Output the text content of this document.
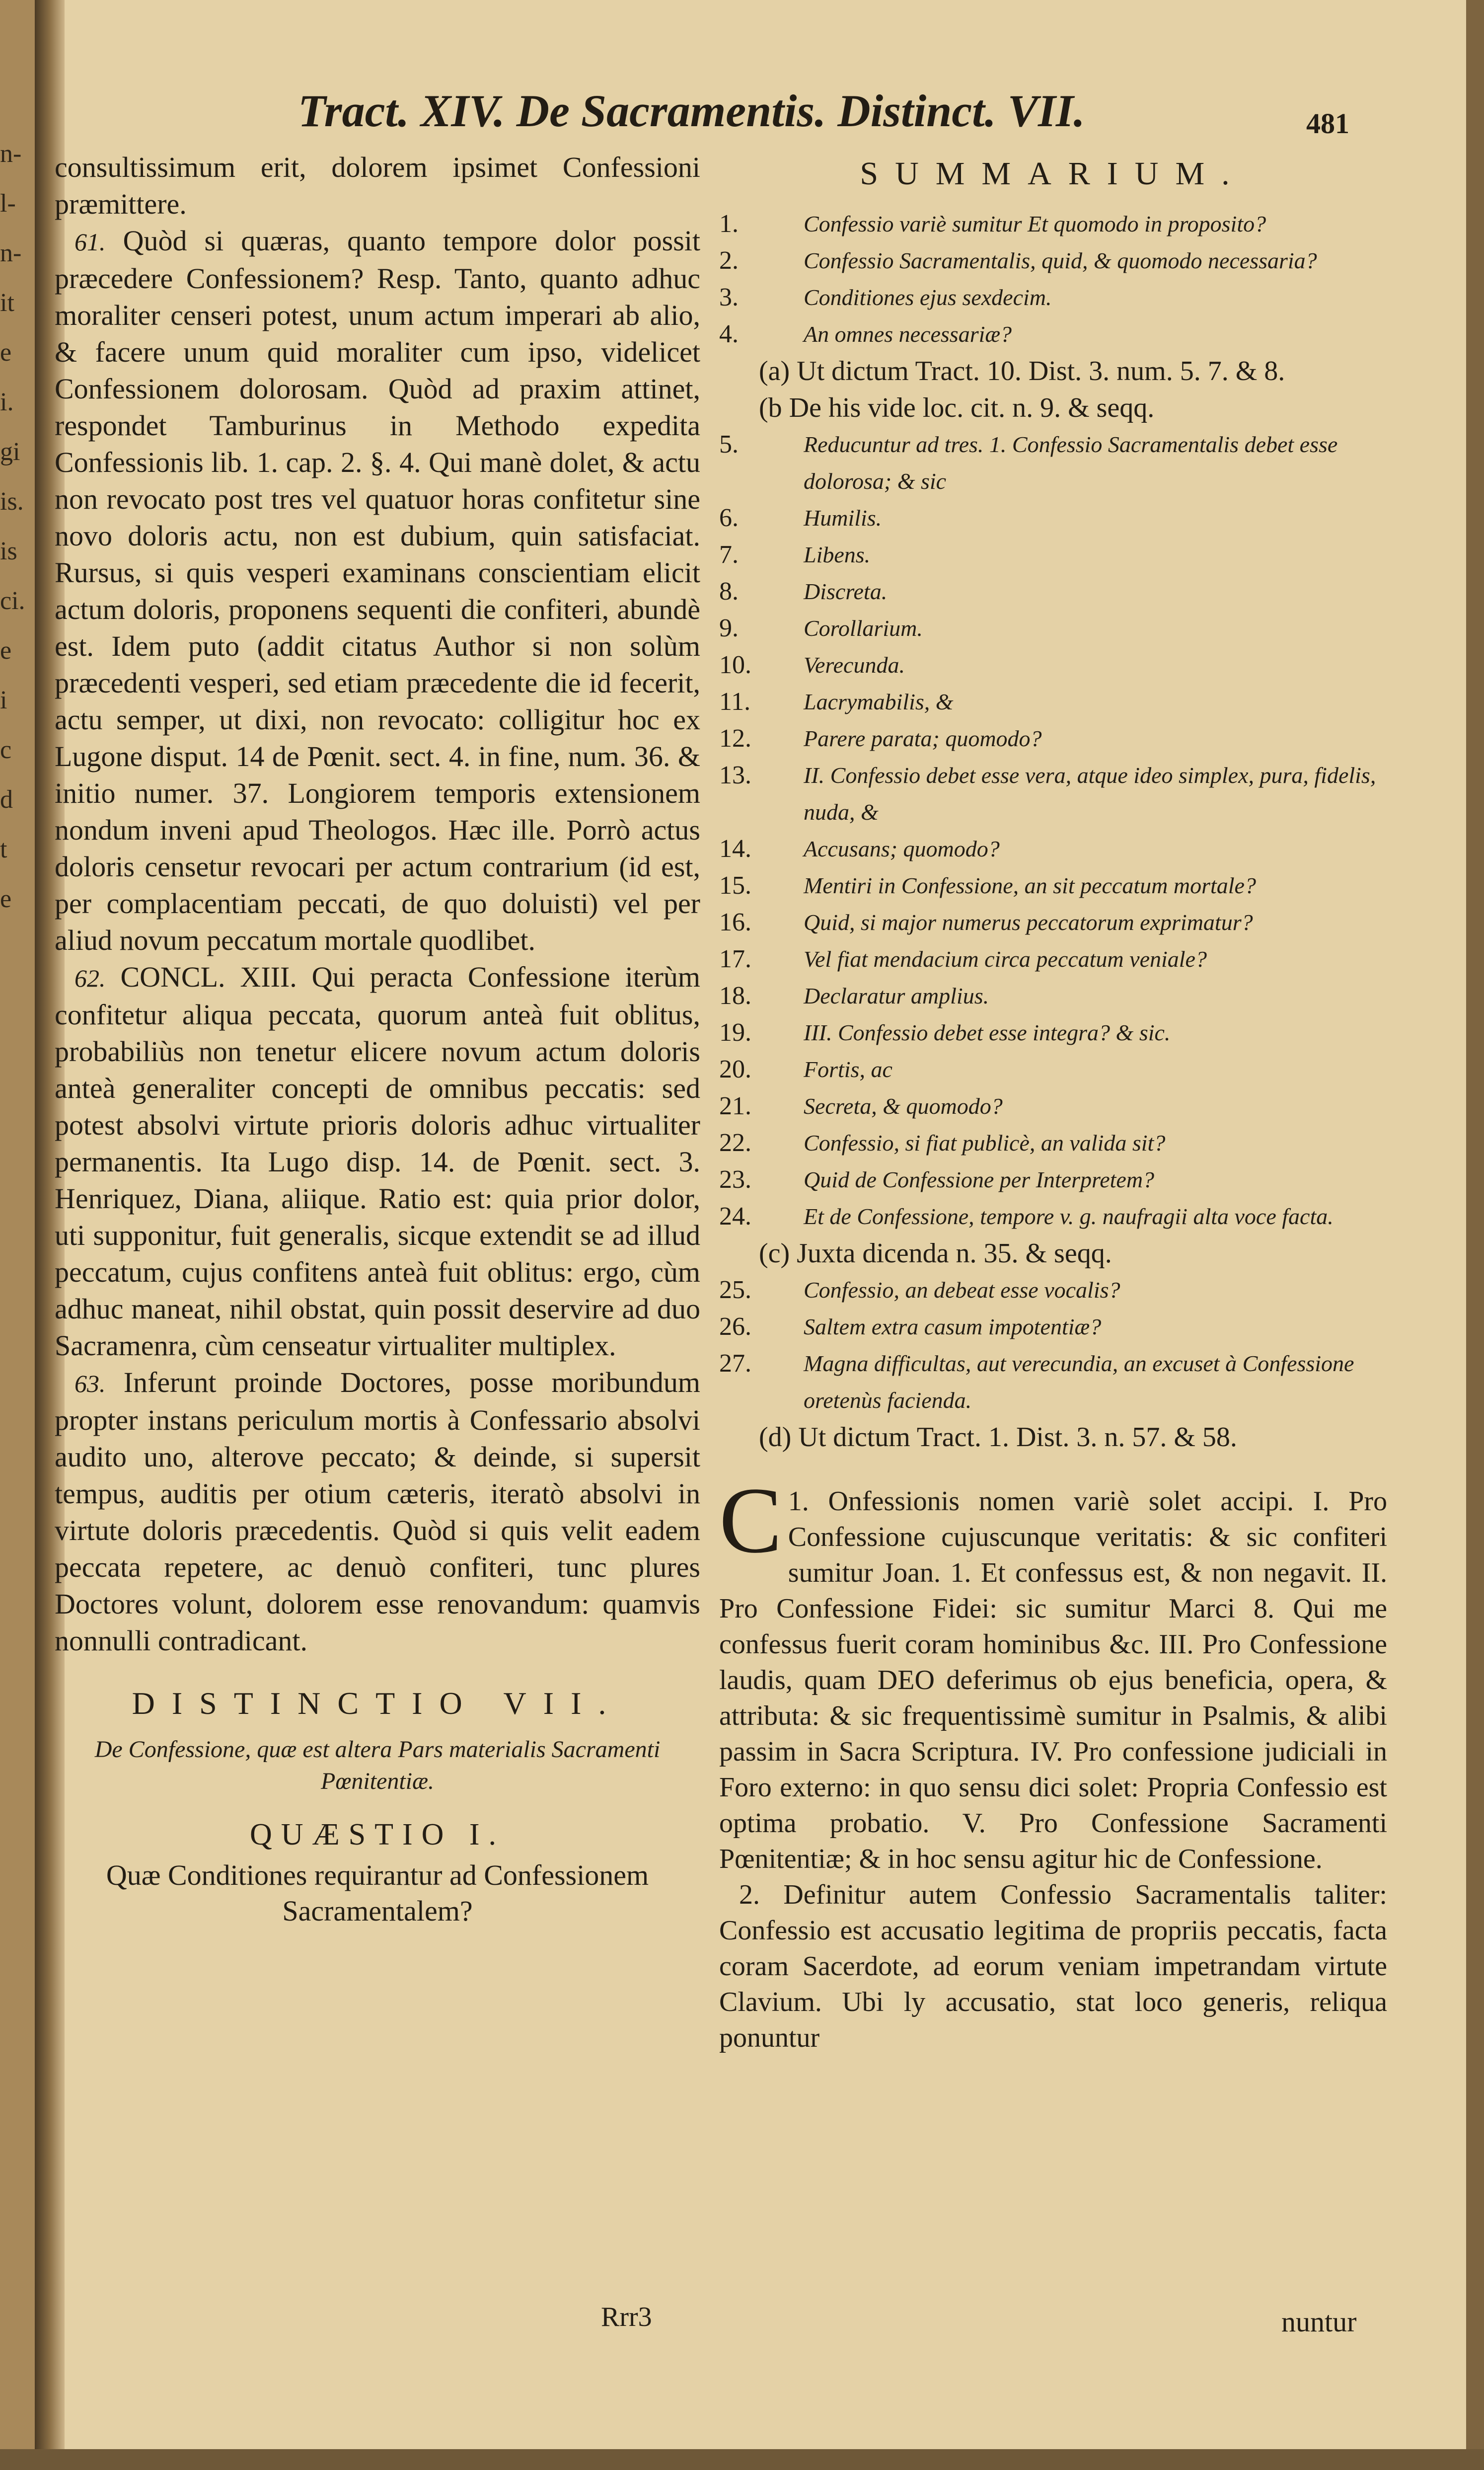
n-
l-
n-
it
e
i.
gi
is.
is
ci.
e
i
c
d
t
e
Tract. XIV. De Sacramentis. Distinct. VII.	481

consultissimum erit, dolorem ipsimet Confessioni præmittere.

61. Quòd si quæras, quanto tempore dolor possit præcedere Confessionem? Resp. Tanto, quanto adhuc moraliter censeri potest, unum actum imperari ab alio, & facere unum quid moraliter cum ipso, videlicet Confessionem dolorosam. Quòd ad praxim attinet, respondet Tamburinus in Methodo expedita Confessionis lib. 1. cap. 2. §. 4. Qui manè dolet, & actu non revocato post tres vel quatuor horas confitetur sine novo doloris actu, non est dubium, quin satisfaciat. Rursus, si quis vesperi examinans conscientiam elicit actum doloris, proponens sequenti die confiteri, abundè est. Idem puto (addit citatus Author si non solùm præcedenti vesperi, sed etiam præcedente die id fecerit, actu semper, ut dixi, non revocato: colligitur hoc ex Lugone disput. 14 de Pœnit. sect. 4. in fine, num. 36. & initio numer. 37. Longiorem temporis extensionem nondum inveni apud Theologos. Hæc ille. Porrò actus doloris censetur revocari per actum contrarium (id est, per complacentiam peccati, de quo doluisti) vel per aliud novum peccatum mortale quodlibet.

62. CONCL. XIII. Qui peracta Confessione iterùm confitetur aliqua peccata, quorum anteà fuit oblitus, probabiliùs non tenetur elicere novum actum doloris anteà generaliter concepti de omnibus peccatis: sed potest absolvi virtute prioris doloris adhuc virtualiter permanentis. Ita Lugo disp. 14. de Pœnit. sect. 3. Henriquez, Diana, aliique. Ratio est: quia prior dolor, uti supponitur, fuit generalis, sicque extendit se ad illud peccatum, cujus confitens anteà fuit oblitus: ergo, cùm adhuc maneat, nihil obstat, quin possit deservire ad duo Sacramenra, cùm censeatur virtualiter multiplex.

63. Inferunt proinde Doctores, posse moribundum propter instans periculum mortis à Confessario absolvi audito uno, alterove peccato; & deinde, si supersit tempus, auditis per otium cæteris, iteratò absolvi in virtute doloris præcedentis. Quòd si quis velit eadem peccata repetere, ac denuò confiteri, tunc plures Doctores volunt, dolorem esse renovandum: quamvis nonnulli contradicant.

DISTINCTIO VII.

De Confessione, quæ est altera Pars materialis Sacramenti Pœnitentiæ.

QUÆSTIO I.

Quæ Conditiones requirantur ad Confessionem Sacramentalem?

Rrr3
SUMMARIUM.

1.	Confessio variè sumitur Et quomodo in proposito?

2.	Confessio Sacramentalis, quid, & quomodo necessaria?

3.	Conditiones ejus sexdecim.

4.	An omnes necessariæ?

(a) Ut dictum Tract. 10. Dist. 3. num. 5. 7. & 8.

(b De his vide loc. cit. n. 9. & seqq.

5.	Reducuntur ad tres. 1. Confessio Sacramentalis debet esse dolorosa; & sic

6.	Humilis.

7.	Libens.

8.	Discreta.

9.	Corollarium.

10. Verecunda.

11. Lacrymabilis, &

12. Parere parata; quomodo?

13. II. Confessio debet esse vera, atque ideo simplex, pura, fidelis, nuda, &

14. Accusans; quomodo?

15. Mentiri in Confessione, an sit peccatum mortale?

16. Quid, si major numerus peccatorum exprimatur?

17. Vel fiat mendacium circa peccatum veniale?

18. Declaratur amplius.

19. III. Confessio debet esse integra? & sic.

20. Fortis, ac

21. Secreta, & quomodo?

22. Confessio, si fiat publicè, an valida sit?

23. Quid de Confessione per Interpretem?

24. Et de Confessione, tempore v. g. naufragii alta voce facta.

(c) Juxta dicenda n. 35. & seqq.

25. Confessio, an debeat esse vocalis?

26. Saltem extra casum impotentiæ?

27. Magna difficultas, aut verecundia, an excuset à Confessione oretenùs facienda.

(d) Ut dictum Tract. 1. Dist. 3. n. 57. & 58.

1.
C Onfessionis nomen variè solet accipi. I. Pro Confessione cujuscunque veritatis: & sic confiteri sumitur Joan. 1. Et confessus est, & non negavit. II. Pro Confessione Fidei: sic sumitur Marci 8. Qui me confessus fuerit coram hominibus &c. III. Pro Confessione laudis, quam DEO deferimus ob ejus beneficia, opera, & attributa: & sic frequentissimè sumitur in Psalmis, & alibi passim in Sacra Scriptura. IV. Pro confessione judiciali in Foro externo: in quo sensu dici solet: Propria Confessio est optima probatio. V. Pro Confessione Sacramenti Pœnitentiæ; & in hoc sensu agitur hic de Confessione.

2. Definitur autem Confessio Sacramentalis taliter: Confessio est accusatio legitima de propriis peccatis, facta coram Sacerdote, ad eorum veniam impetrandam virtute Clavium. Ubi ly accusatio, stat loco generis, reliqua ponuntur

nuntur
